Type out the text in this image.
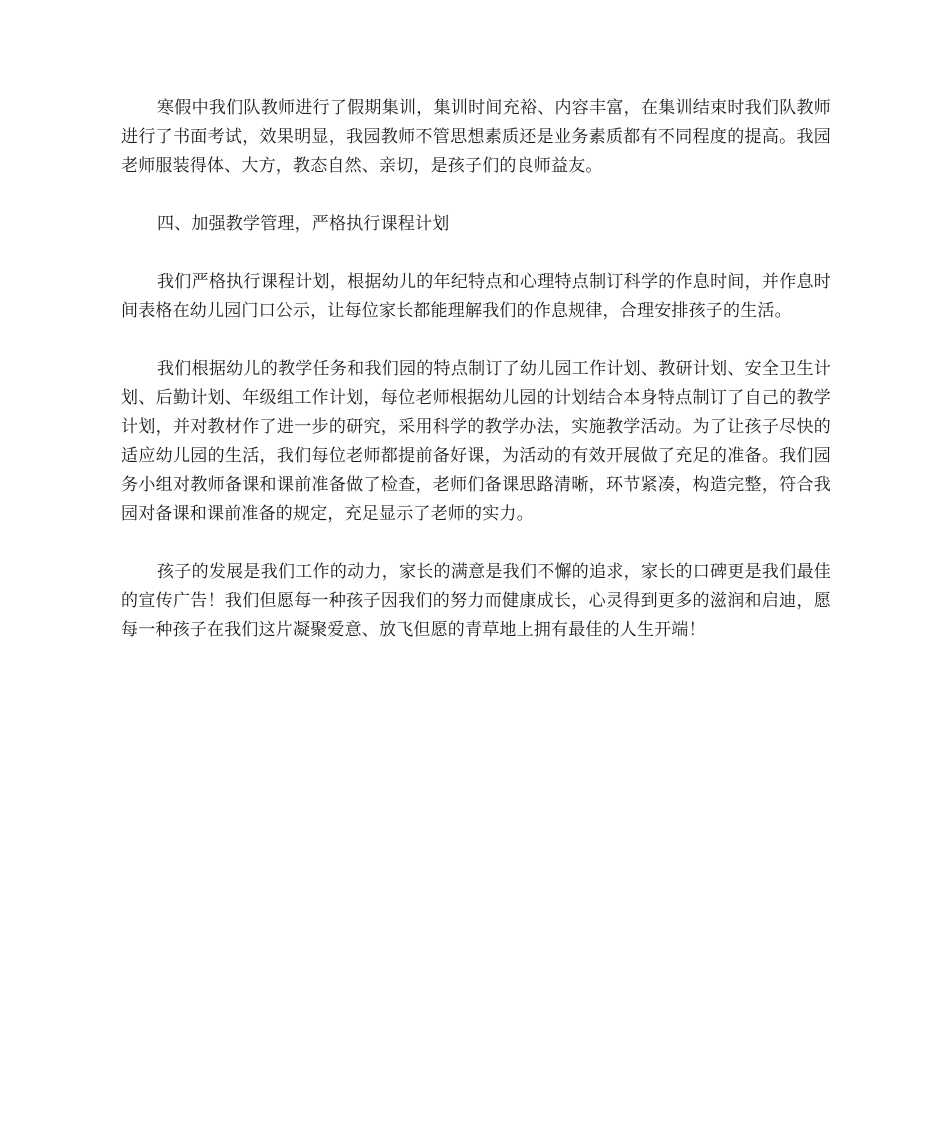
寒假中我们队教师进行了假期集训，集训时间充裕、内容丰富，在集训结束时我们队教师进行了书面考试，效果明显，我园教师不管思想素质还是业务素质都有不同程度的提高。我园老师服装得体、大方，教态自然、亲切，是孩子们的良师益友。

四、加强教学管理，严格执行课程计划

我们严格执行课程计划，根据幼儿的年纪特点和心理特点制订科学的作息时间，并作息时间表格在幼儿园门口公示，让每位家长都能理解我们的作息规律，合理安排孩子的生活。

我们根据幼儿的教学任务和我们园的特点制订了幼儿园工作计划、教研计划、安全卫生计划、后勤计划、年级组工作计划，每位老师根据幼儿园的计划结合本身特点制订了自己的教学计划，并对教材作了进一步的研究，采用科学的教学办法，实施教学活动。为了让孩子尽快的适应幼儿园的生活，我们每位老师都提前备好课，为活动的有效开展做了充足的准备。我们园务小组对教师备课和课前准备做了检查，老师们备课思路清晰，环节紧凑，构造完整，符合我园对备课和课前准备的规定，充足显示了老师的实力。

孩子的发展是我们工作的动力，家长的满意是我们不懈的追求，家长的口碑更是我们最佳的宣传广告！我们但愿每一种孩子因我们的努力而健康成长，心灵得到更多的滋润和启迪，愿每一种孩子在我们这片凝聚爱意、放飞但愿的青草地上拥有最佳的人生开端！
